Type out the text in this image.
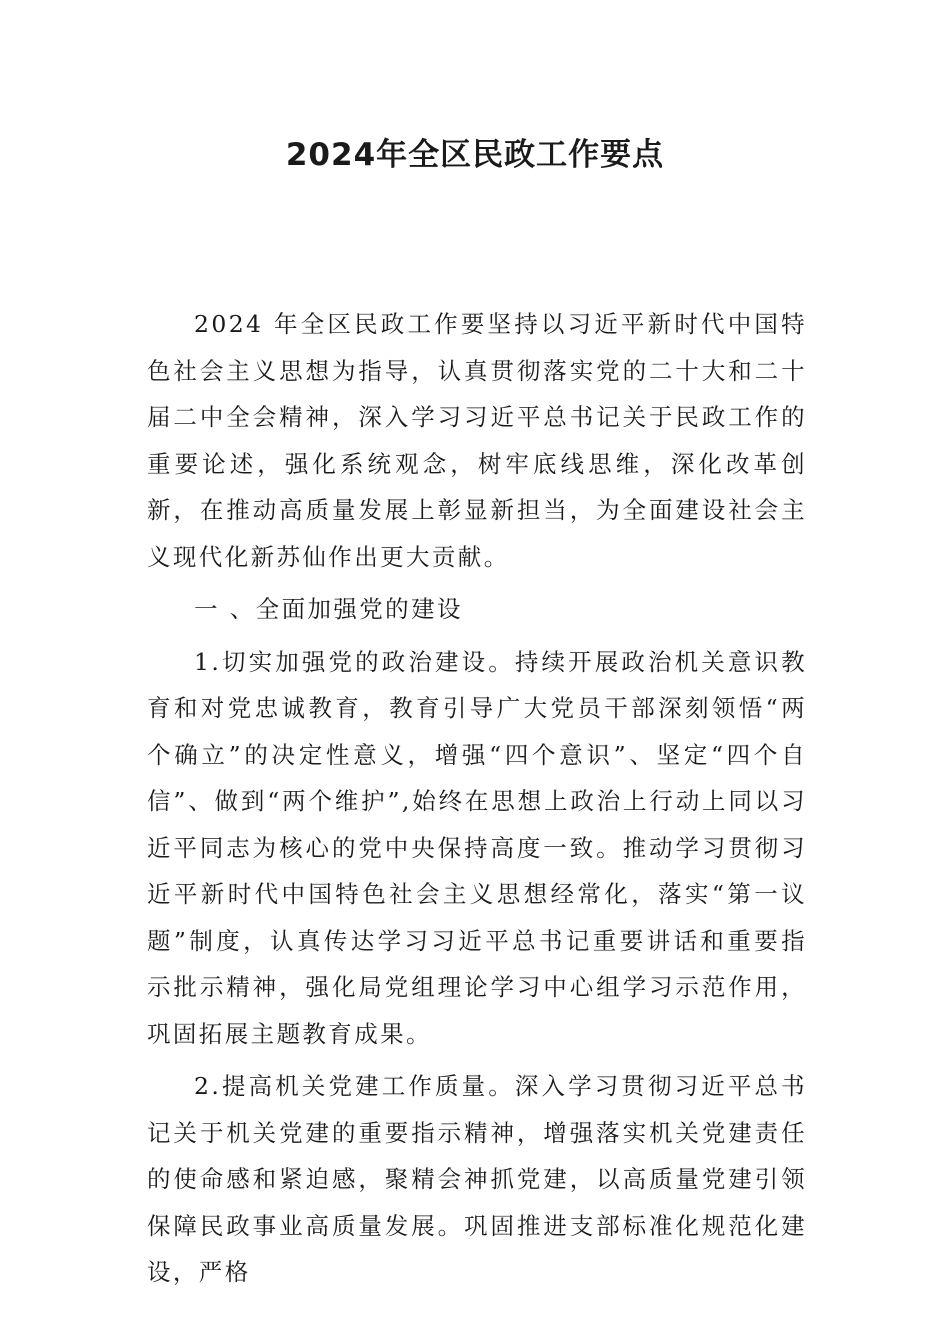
2024年全区民政工作要点

2024 年全区民政工作要坚持以习近平新时代中国特色社会主义思想为指导，认真贯彻落实党的二十大和二十届二中全会精神，深入学习习近平总书记关于民政工作的重要论述，强化系统观念，树牢底线思维，深化改革创新，在推动高质量发展上彰显新担当，为全面建设社会主义现代化新苏仙作出更大贡献。

一 、全面加强党的建设

1.切实加强党的政治建设。持续开展政治机关意识教育和对党忠诚教育，教育引导广大党员干部深刻领悟“两个确立”的决定性意义，增强“四个意识”、坚定“四个自信”、做到“两个维护”,始终在思想上政治上行动上同以习近平同志为核心的党中央保持高度一致。推动学习贯彻习近平新时代中国特色社会主义思想经常化，落实“第一议题”制度，认真传达学习习近平总书记重要讲话和重要指示批示精神，强化局党组理论学习中心组学习示范作用，巩固拓展主题教育成果。

2.提高机关党建工作质量。深入学习贯彻习近平总书记关于机关党建的重要指示精神，增强落实机关党建责任的使命感和紧迫感，聚精会神抓党建，以高质量党建引领保障民政事业高质量发展。巩固推进支部标准化规范化建设，严格
